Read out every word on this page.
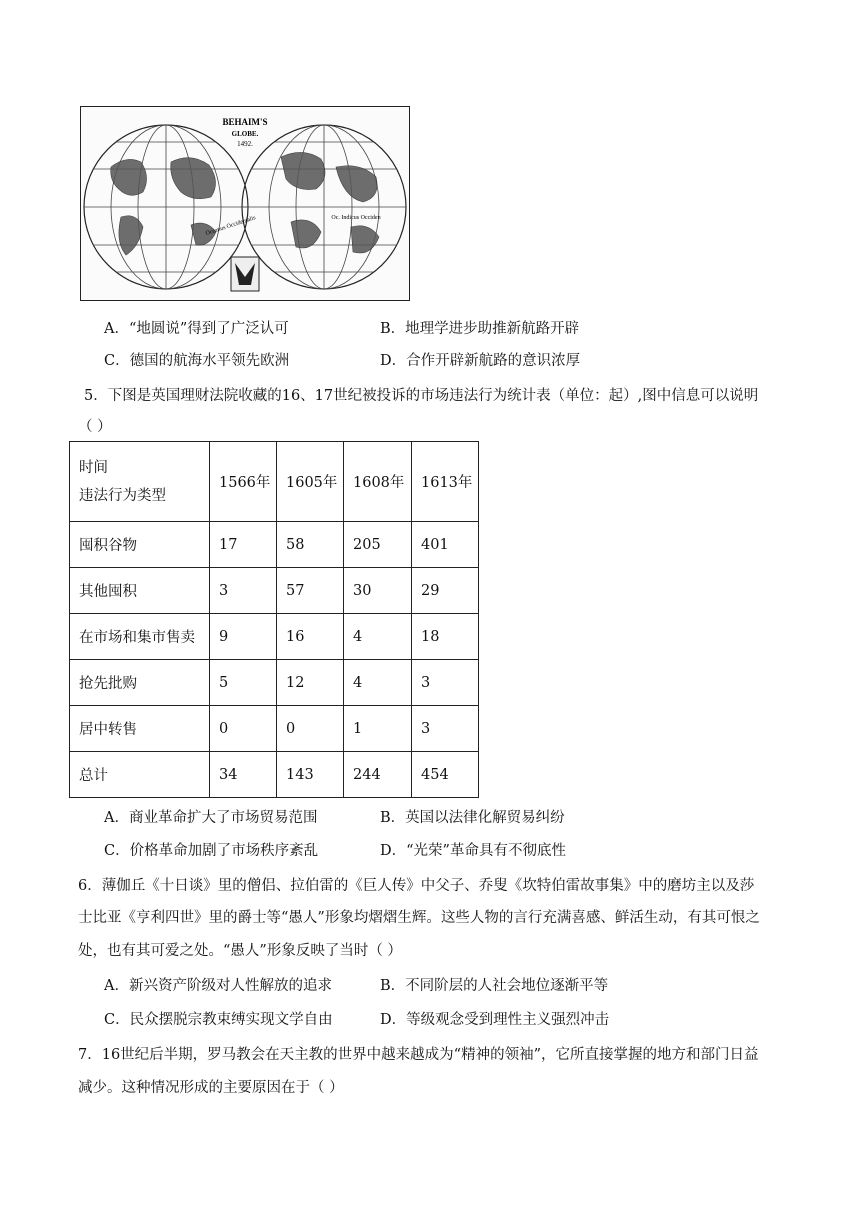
BEHAIM'S
GLOBE.
1492.
Oceanus Occidentalis	Oc. Indicus Occiden
A．“地圆说”得到了广泛认可	B．地理学进步助推新航路开辟
C．德国的航海水平领先欧洲	D．合作开辟新航路的意识浓厚
5．下图是英国理财法院收藏的16、17世纪被投诉的市场违法行为统计表（单位：起）,图中信息可以说明
（ ）
时间
违法行为类型	1566年	1605年	1608年	1613年
囤积谷物	17	58	205	401
其他囤积	3	57	30	29
在市场和集市售卖	9	16	4	18
抢先批购	5	12	4	3
居中转售	0	0	1	3
总计	34	143	244	454
A．商业革命扩大了市场贸易范围	B．英国以法律化解贸易纠纷
C．价格革命加剧了市场秩序紊乱	D．“光荣”革命具有不彻底性
6．薄伽丘《十日谈》里的僧侣、拉伯雷的《巨人传》中父子、乔叟《坎特伯雷故事集》中的磨坊主以及莎
士比亚《亨利四世》里的爵士等“愚人”形象均熠熠生辉。这些人物的言行充满喜感、鲜活生动，有其可恨之
处，也有其可爱之处。“愚人”形象反映了当时（ ）
A．新兴资产阶级对人性解放的追求	B．不同阶层的人社会地位逐渐平等
C．民众摆脱宗教束缚实现文学自由	D．等级观念受到理性主义强烈冲击
7．16世纪后半期，罗马教会在天主教的世界中越来越成为“精神的领袖”，它所直接掌握的地方和部门日益
减少。这种情况形成的主要原因在于（ ）
